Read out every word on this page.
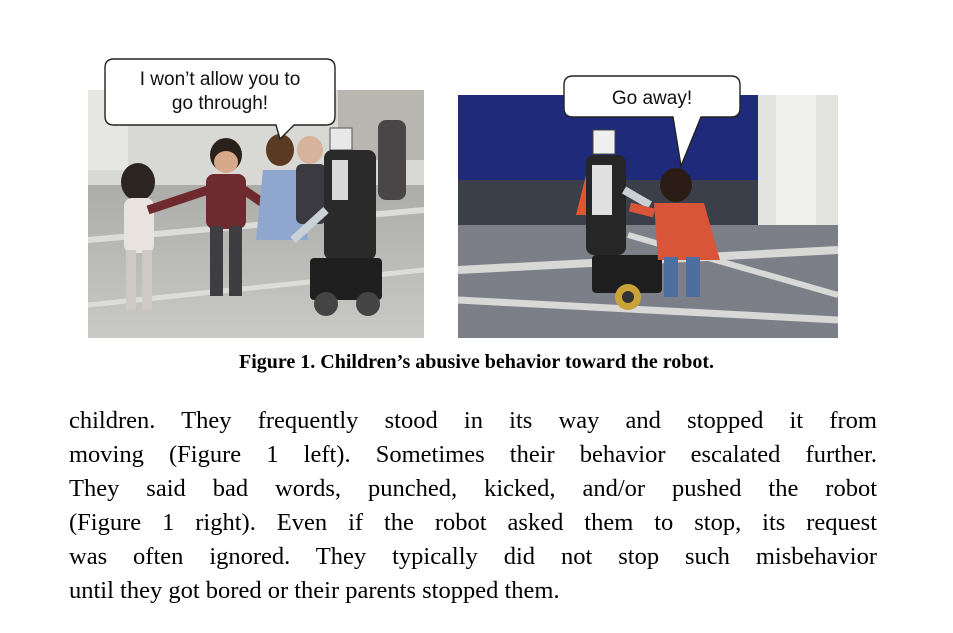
I won’t allow you to
go through!	Go away!
Figure 1. Children’s abusive behavior toward the robot.
children. They frequently stood in its way and stopped it from
moving (Figure 1 left). Sometimes their behavior escalated further.
They said bad words, punched, kicked, and/or pushed the robot
(Figure 1 right). Even if the robot asked them to stop, its request
was often ignored. They typically did not stop such misbehavior
until they got bored or their parents stopped them.
